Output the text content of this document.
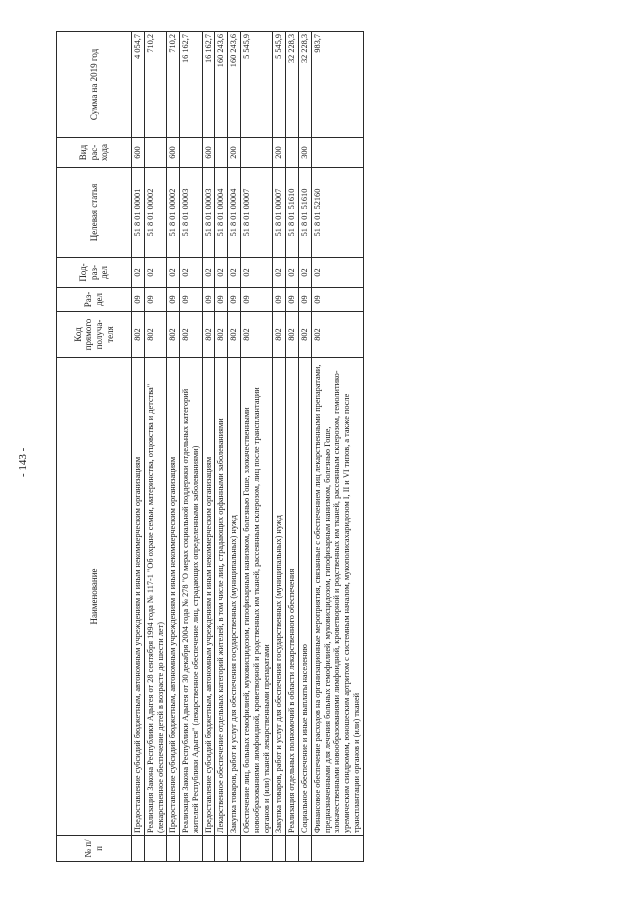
- 143 -
№ п/п	Наименование	Код прямого получа-теля	Раз-дел	Под-раз-дел	Целевая статья	Вид рас-хода	Сумма на 2019 год
	Предоставление субсидий бюджетным, автономным учреждениям и иным некоммерческим организациям	802	09	02	51 8 01 00001	600	4 054,7
	Реализация Закона Республики Адыгея от 28 сентября 1994 года № 117-1 "Об охране семьи, материнства, отцовства и детства" (лекарственное обеспечение детей в возрасте до шести лет)	802	09	02	51 8 01 00002		710,2
	Предоставление субсидий бюджетным, автономным учреждениям и иным некоммерческим организациям	802	09	02	51 8 01 00002	600	710,2
	Реализация Закона Республики Адыгея от 30 декабря 2004 года № 278 "О мерах социальной поддержки отдельных категорий жителей Республики Адыгея" (лекарственное обеспечение лиц, страдающих определенными заболеваниями)	802	09	02	51 8 01 00003		16 162,7
	Предоставление субсидий бюджетным, автономным учреждениям и иным некоммерческим организациям	802	09	02	51 8 01 00003	600	16 162,7
	Лекарственное обеспечение отдельных категорий жителей, в том числе лиц, страдающих орфанными заболеваниями	802	09	02	51 8 01 00004		160 243,6
	Закупка товаров, работ и услуг для обеспечения государственных (муниципальных) нужд	802	09	02	51 8 01 00004	200	160 243,6
	Обеспечение лиц, больных гемофилией, муковисцидозом, гипофизарным нанизмом, болезнью Гоше, злокачественными новообразованиями лимфоидной, кроветворной и родственных им тканей, рассеянным склерозом, лиц после трансплантации органов и (или) тканей лекарственными препаратами	802	09	02	51 8 01 00007		5 545,9
	Закупка товаров, работ и услуг для обеспечения государственных (муниципальных) нужд	802	09	02	51 8 01 00007	200	5 545,9
	Реализация отдельных полномочий в области лекарственного обеспечения	802	09	02	51 8 01 51610		32 228,3
	Социальное обеспечение и иные выплаты населению	802	09	02	51 8 01 51610	300	32 228,3
	Финансовое обеспечение расходов на организационные мероприятия, связанные с обеспечением лиц лекарственными препаратами, предназначенными для лечения больных гемофилией, муковисцидозом, гипофизарным нанизмом, болезнью Гоше, злокачественными новообразованиями лимфоидной, кроветворной и родственных им тканей, рассеянным склерозом, гемолитико-уремическим синдромом, юношеским артритом с системным началом, мукополисахаридозом I, II и VI типов, а также после трансплантации органов и (или) тканей	802	09	02	51 8 01 52160		983,7
